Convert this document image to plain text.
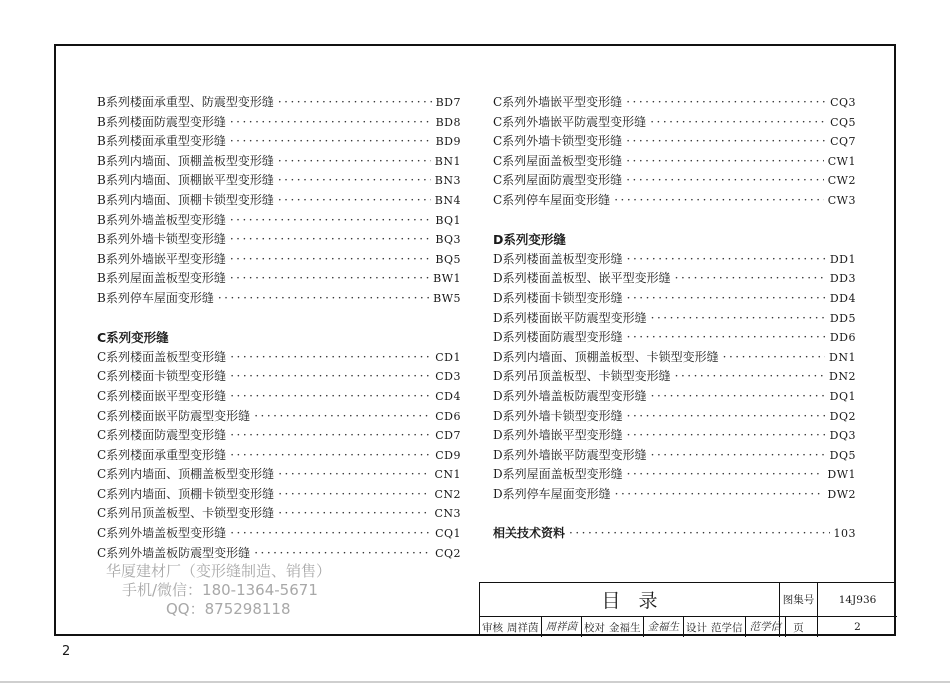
B系列楼面承重型、防震型变形缝 ·····	BD7
B系列楼面防震型变形缝 ·····	BD8
B系列楼面承重型变形缝 ·····	BD9
B系列内墙面、顶棚盖板型变形缝 ·····	BN1
B系列内墙面、顶棚嵌平型变形缝 ·····	BN3
B系列内墙面、顶棚卡锁型变形缝 ·····	BN4
B系列外墙盖板型变形缝 ·····	BQ1
B系列外墙卡锁型变形缝 ·····	BQ3
B系列外墙嵌平型变形缝 ·····	BQ5
B系列屋面盖板型变形缝 ·····	BW1
B系列停车屋面变形缝 ·····	BW5
C系列变形缝
C系列楼面盖板型变形缝 ·····	CD1
C系列楼面卡锁型变形缝 ·····	CD3
C系列楼面嵌平型变形缝 ·····	CD4
C系列楼面嵌平防震型变形缝 ·····	CD6
C系列楼面防震型变形缝 ·····	CD7
C系列楼面承重型变形缝 ·····	CD9
C系列内墙面、顶棚盖板型变形缝 ·····	CN1
C系列内墙面、顶棚卡锁型变形缝 ·····	CN2
C系列吊顶盖板型、卡锁型变形缝 ·····	CN3
C系列外墙盖板型变形缝 ·····	CQ1
C系列外墙盖板防震型变形缝 ·····	CQ2
C系列外墙嵌平型变形缝 ·····	CQ3
C系列外墙嵌平防震型变形缝 ·····	CQ5
C系列外墙卡锁型变形缝 ·····	CQ7
C系列屋面盖板型变形缝 ·····	CW1
C系列屋面防震型变形缝 ·····	CW2
C系列停车屋面变形缝 ·····	CW3
D系列变形缝
D系列楼面盖板型变形缝 ·····	DD1
D系列楼面盖板型、嵌平型变形缝 ·····	DD3
D系列楼面卡锁型变形缝 ·····	DD4
D系列楼面嵌平防震型变形缝 ·····	DD5
D系列楼面防震型变形缝 ·····	DD6
D系列内墙面、顶棚盖板型、卡锁型变形缝 ·····	DN1
D系列吊顶盖板型、卡锁型变形缝 ·····	DN2
D系列外墙盖板防震型变形缝 ·····	DQ1
D系列外墙卡锁型变形缝 ·····	DQ2
D系列外墙嵌平型变形缝 ·····	DQ3
D系列外墙嵌平防震型变形缝 ·····	DQ5
D系列屋面盖板型变形缝 ·····	DW1
D系列停车屋面变形缝 ·····	DW2
相关技术资料 ·····	103
华厦建材厂（变形缝制造、销售）
手机/微信：180-1364-5671
QQ：875298118	目录	图集号	14J936
审核 周祥茵 周祥茵 校对 金福生 金福生 设计 范学信 范学信	页	2
2
